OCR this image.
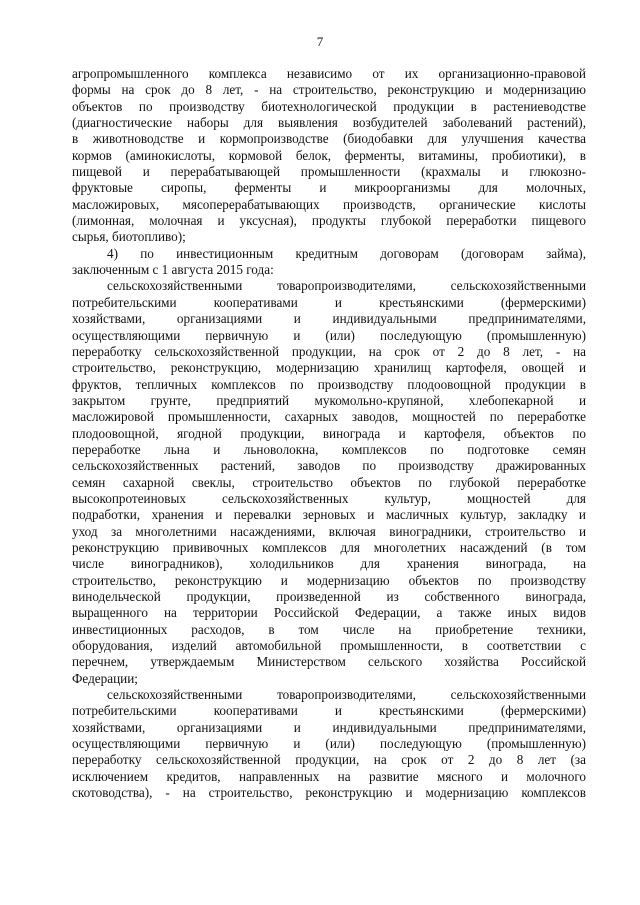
7
агропромышленного комплекса независимо от их организационно-правовой
формы на срок до 8 лет, - на строительство, реконструкцию и модернизацию
объектов по производству биотехнологической продукции в растениеводстве
(диагностические наборы для выявления возбудителей заболеваний растений),
в животноводстве и кормопроизводстве (биодобавки для улучшения качества
кормов (аминокислоты, кормовой белок, ферменты, витамины, пробиотики), в
пищевой и перерабатывающей промышленности (крахмалы и глюкозно-
фруктовые сиропы, ферменты и микроорганизмы для молочных,
масложировых, мясоперерабатывающих производств, органические кислоты
(лимонная, молочная и уксусная), продукты глубокой переработки пищевого
сырья, биотопливо);
4) по инвестиционным кредитным договорам (договорам займа),
заключенным с 1 августа 2015 года:
сельскохозяйственными товаропроизводителями, сельскохозяйственными
потребительскими кооперативами и крестьянскими (фермерскими)
хозяйствами, организациями и индивидуальными предпринимателями,
осуществляющими первичную и (или) последующую (промышленную)
переработку сельскохозяйственной продукции, на срок от 2 до 8 лет, - на
строительство, реконструкцию, модернизацию хранилищ картофеля, овощей и
фруктов, тепличных комплексов по производству плодоовощной продукции в
закрытом грунте, предприятий мукомольно-крупяной, хлебопекарной и
масложировой промышленности, сахарных заводов, мощностей по переработке
плодоовощной, ягодной продукции, винограда и картофеля, объектов по
переработке льна и льноволокна, комплексов по подготовке семян
сельскохозяйственных растений, заводов по производству дражированных
семян сахарной свеклы, строительство объектов по глубокой переработке
высокопротеиновых сельскохозяйственных культур, мощностей для
подработки, хранения и перевалки зерновых и масличных культур, закладку и
уход за многолетними насаждениями, включая виноградники, строительство и
реконструкцию прививочных комплексов для многолетних насаждений (в том
числе виноградников), холодильников для хранения винограда, на
строительство, реконструкцию и модернизацию объектов по производству
винодельческой продукции, произведенной из собственного винограда,
выращенного на территории Российской Федерации, а также иных видов
инвестиционных расходов, в том числе на приобретение техники,
оборудования, изделий автомобильной промышленности, в соответствии с
перечнем, утверждаемым Министерством сельского хозяйства Российской
Федерации;
сельскохозяйственными товаропроизводителями, сельскохозяйственными
потребительскими кооперативами и крестьянскими (фермерскими)
хозяйствами, организациями и индивидуальными предпринимателями,
осуществляющими первичную и (или) последующую (промышленную)
переработку сельскохозяйственной продукции, на срок от 2 до 8 лет (за
исключением кредитов, направленных на развитие мясного и молочного
скотоводства), - на строительство, реконструкцию и модернизацию комплексов
